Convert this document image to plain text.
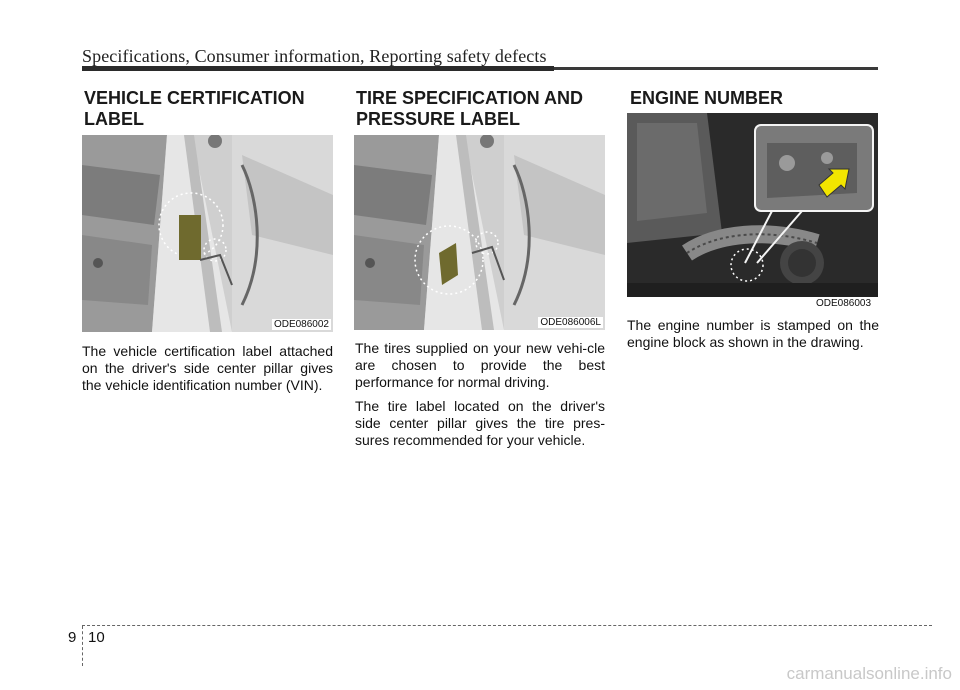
Specifications, Consumer information, Reporting safety defects
VEHICLE CERTIFICATION
LABEL
ODE086002

The vehicle certification label attached on the driver's side center pillar gives the vehicle identification number (VIN).

TIRE SPECIFICATION AND
PRESSURE LABEL
ODE086006L

The tires supplied on your new vehi-cle are chosen to provide the best performance for normal driving.

The tire label located on the driver's side center pillar gives the tire pres-sures recommended for your vehicle.

ENGINE NUMBER
ODE086003

The engine number is stamped on the engine block as shown in the drawing.

9 10
carmanualsonline.info
